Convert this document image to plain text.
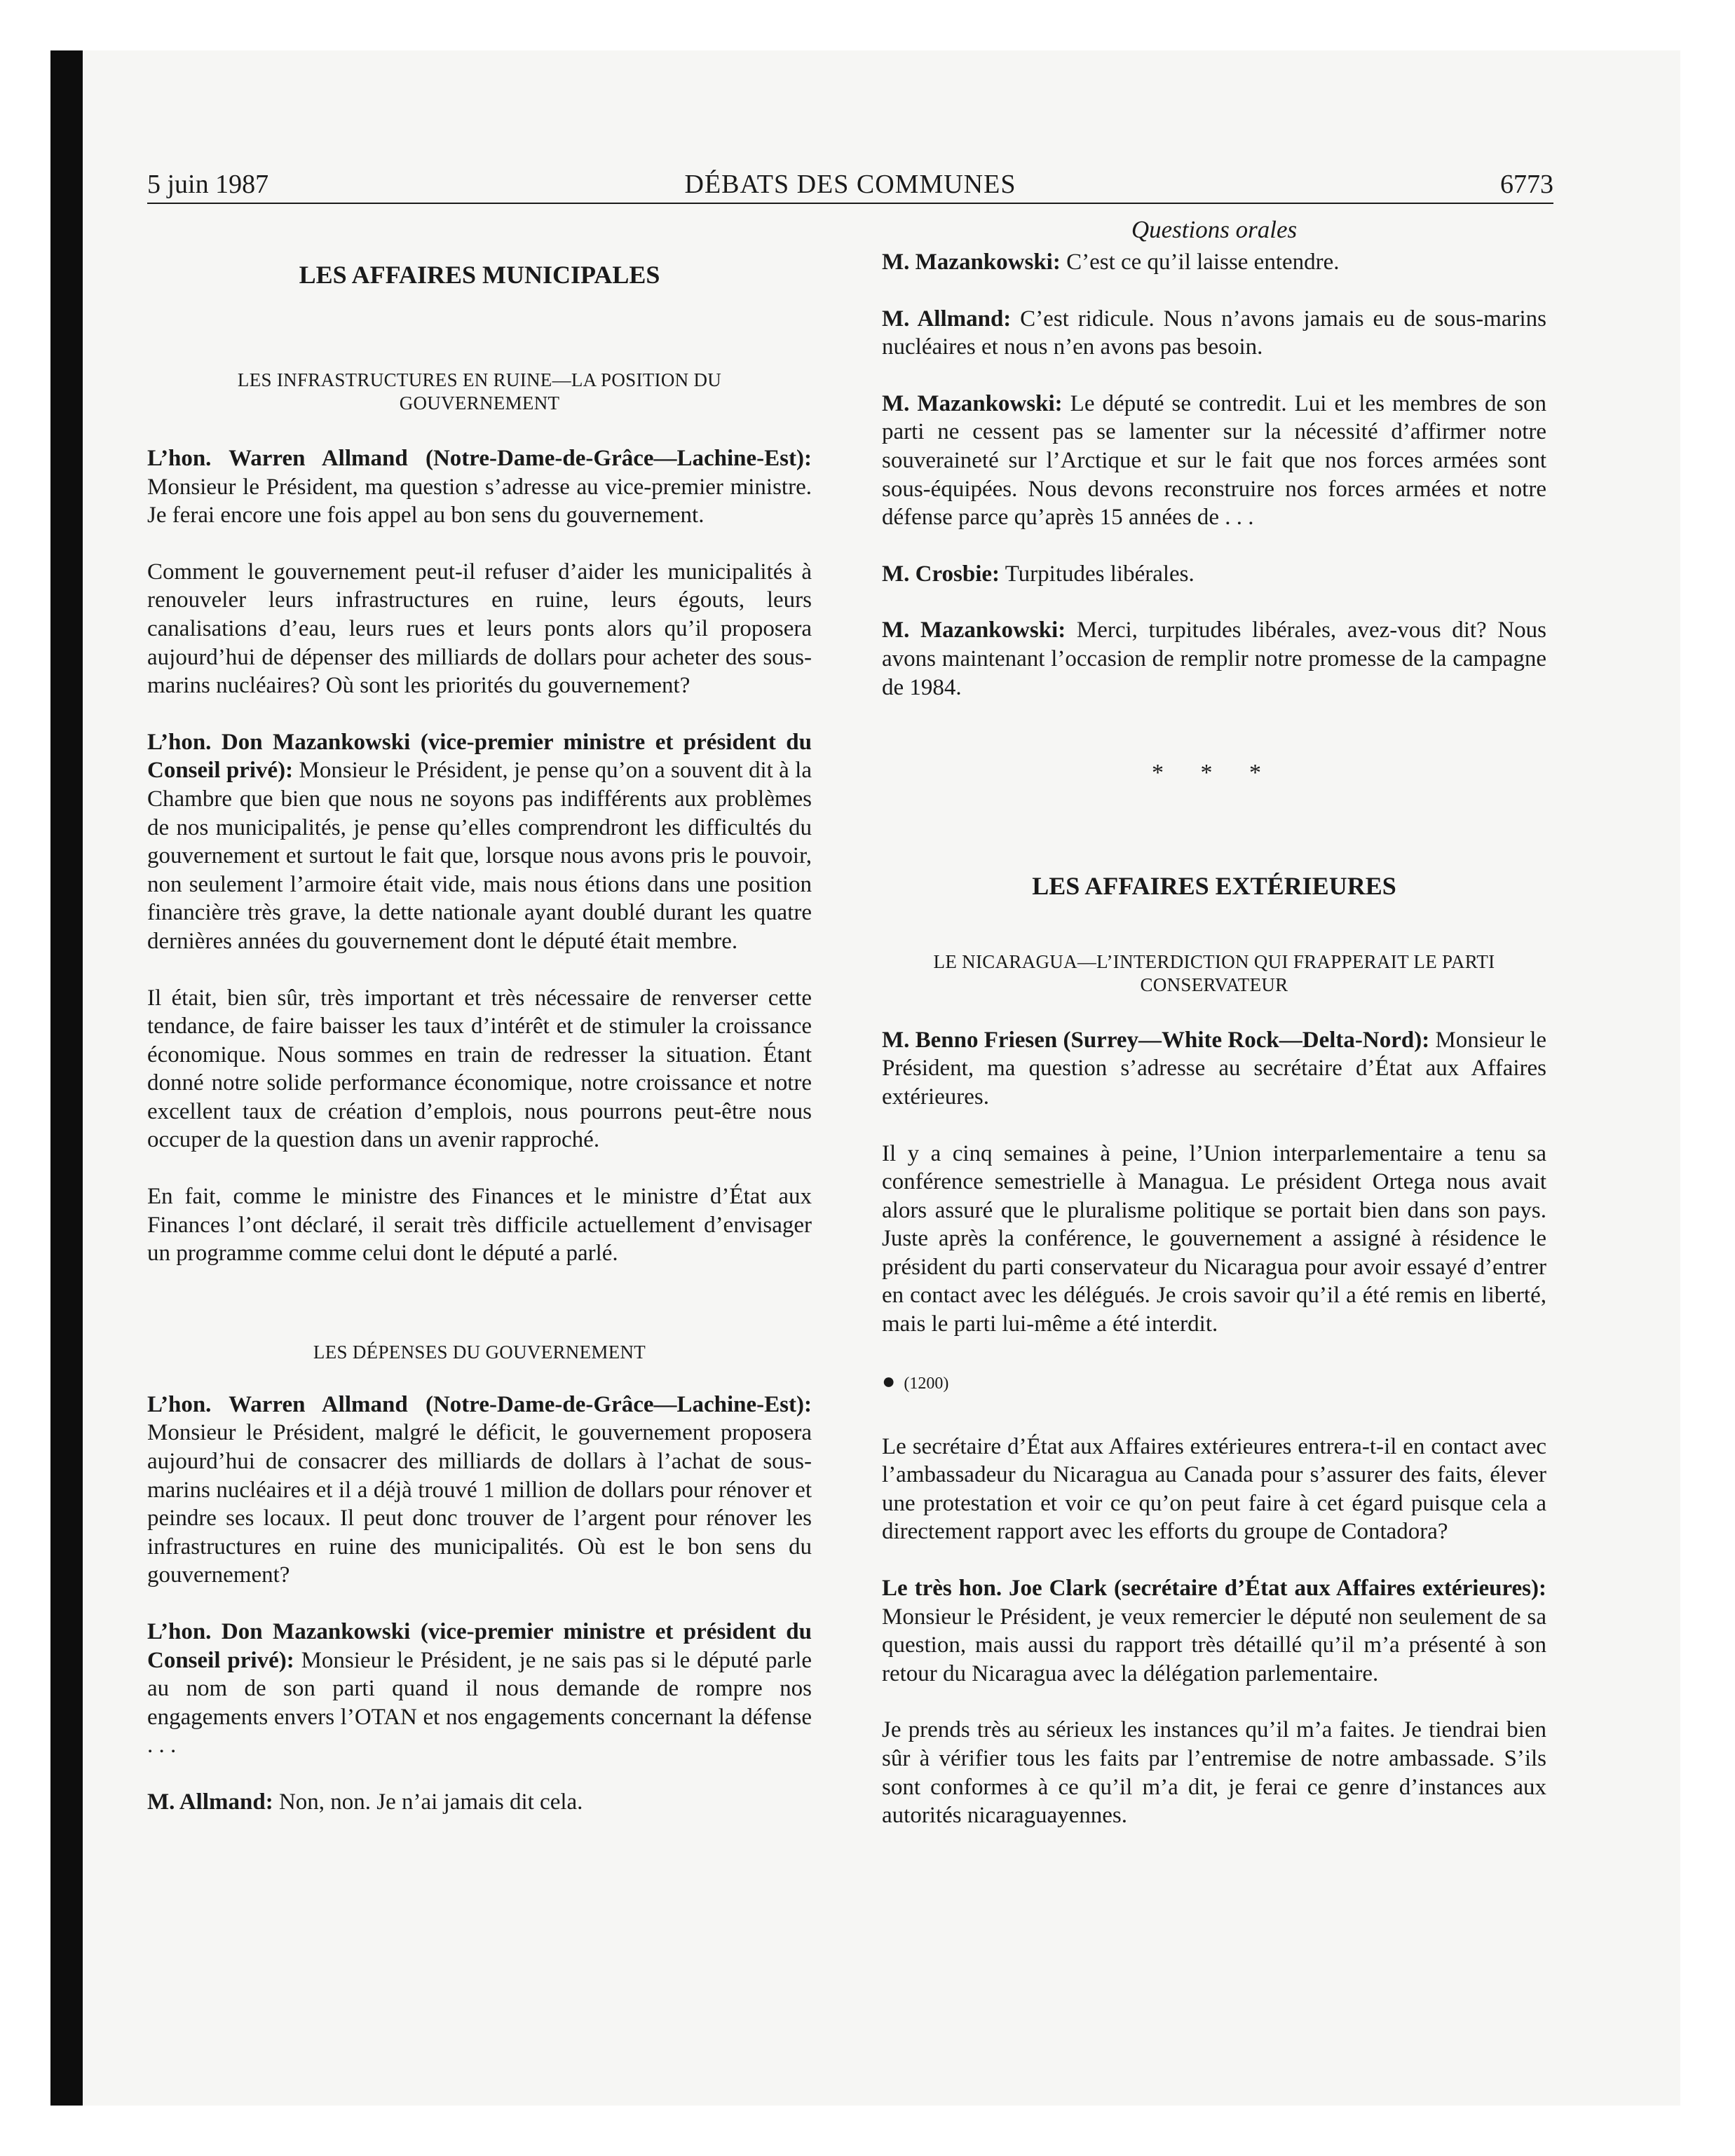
5 juin 1987	DÉBATS DES COMMUNES	6773
LES AFFAIRES MUNICIPALES

LES INFRASTRUCTURES EN RUINE—LA POSITION DU GOUVERNEMENT

L’hon. Warren Allmand (Notre-Dame-de-Grâce—Lachine-Est): Monsieur le Président, ma question s’adresse au vice-premier ministre. Je ferai encore une fois appel au bon sens du gouvernement.

Comment le gouvernement peut-il refuser d’aider les municipalités à renouveler leurs infrastructures en ruine, leurs égouts, leurs canalisations d’eau, leurs rues et leurs ponts alors qu’il proposera aujourd’hui de dépenser des milliards de dollars pour acheter des sous-marins nucléaires? Où sont les priorités du gouvernement?

L’hon. Don Mazankowski (vice-premier ministre et président du Conseil privé): Monsieur le Président, je pense qu’on a souvent dit à la Chambre que bien que nous ne soyons pas indifférents aux problèmes de nos municipalités, je pense qu’elles comprendront les difficultés du gouvernement et surtout le fait que, lorsque nous avons pris le pouvoir, non seulement l’armoire était vide, mais nous étions dans une position financière très grave, la dette nationale ayant doublé durant les quatre dernières années du gouvernement dont le député était membre.

Il était, bien sûr, très important et très nécessaire de renverser cette tendance, de faire baisser les taux d’intérêt et de stimuler la croissance économique. Nous sommes en train de redresser la situation. Étant donné notre solide performance économique, notre croissance et notre excellent taux de création d’emplois, nous pourrons peut-être nous occuper de la question dans un avenir rapproché.

En fait, comme le ministre des Finances et le ministre d’État aux Finances l’ont déclaré, il serait très difficile actuellement d’envisager un programme comme celui dont le député a parlé.

LES DÉPENSES DU GOUVERNEMENT

L’hon. Warren Allmand (Notre-Dame-de-Grâce—Lachine-Est): Monsieur le Président, malgré le déficit, le gouvernement proposera aujourd’hui de consacrer des milliards de dollars à l’achat de sous-marins nucléaires et il a déjà trouvé 1 million de dollars pour rénover et peindre ses locaux. Il peut donc trouver de l’argent pour rénover les infrastructures en ruine des municipalités. Où est le bon sens du gouvernement?

L’hon. Don Mazankowski (vice-premier ministre et président du Conseil privé): Monsieur le Président, je ne sais pas si le député parle au nom de son parti quand il nous demande de rompre nos engagements envers l’OTAN et nos engagements concernant la défense . . .

M. Allmand: Non, non. Je n’ai jamais dit cela.

Questions orales

M. Mazankowski: C’est ce qu’il laisse entendre.

M. Allmand: C’est ridicule. Nous n’avons jamais eu de sous-marins nucléaires et nous n’en avons pas besoin.

M. Mazankowski: Le député se contredit. Lui et les membres de son parti ne cessent pas se lamenter sur la nécessité d’affirmer notre souveraineté sur l’Arctique et sur le fait que nos forces armées sont sous-équipées. Nous devons reconstruire nos forces armées et notre défense parce qu’après 15 années de . . .

M. Crosbie: Turpitudes libérales.

M. Mazankowski: Merci, turpitudes libérales, avez-vous dit? Nous avons maintenant l’occasion de remplir notre promesse de la campagne de 1984.

* * *
LES AFFAIRES EXTÉRIEURES

LE NICARAGUA—L’INTERDICTION QUI FRAPPERAIT LE PARTI CONSERVATEUR

M. Benno Friesen (Surrey—White Rock—Delta-Nord): Monsieur le Président, ma question s’adresse au secrétaire d’État aux Affaires extérieures.

Il y a cinq semaines à peine, l’Union interparlementaire a tenu sa conférence semestrielle à Managua. Le président Ortega nous avait alors assuré que le pluralisme politique se portait bien dans son pays. Juste après la conférence, le gouvernement a assigné à résidence le président du parti conservateur du Nicaragua pour avoir essayé d’entrer en contact avec les délégués. Je crois savoir qu’il a été remis en liberté, mais le parti lui-même a été interdit.

● (1200)

Le secrétaire d’État aux Affaires extérieures entrera-t-il en contact avec l’ambassadeur du Nicaragua au Canada pour s’assurer des faits, élever une protestation et voir ce qu’on peut faire à cet égard puisque cela a directement rapport avec les efforts du groupe de Contadora?

Le très hon. Joe Clark (secrétaire d’État aux Affaires extérieures): Monsieur le Président, je veux remercier le député non seulement de sa question, mais aussi du rapport très détaillé qu’il m’a présenté à son retour du Nicaragua avec la délégation parlementaire.

Je prends très au sérieux les instances qu’il m’a faites. Je tiendrai bien sûr à vérifier tous les faits par l’entremise de notre ambassade. S’ils sont conformes à ce qu’il m’a dit, je ferai ce genre d’instances aux autorités nicaraguayennes.
